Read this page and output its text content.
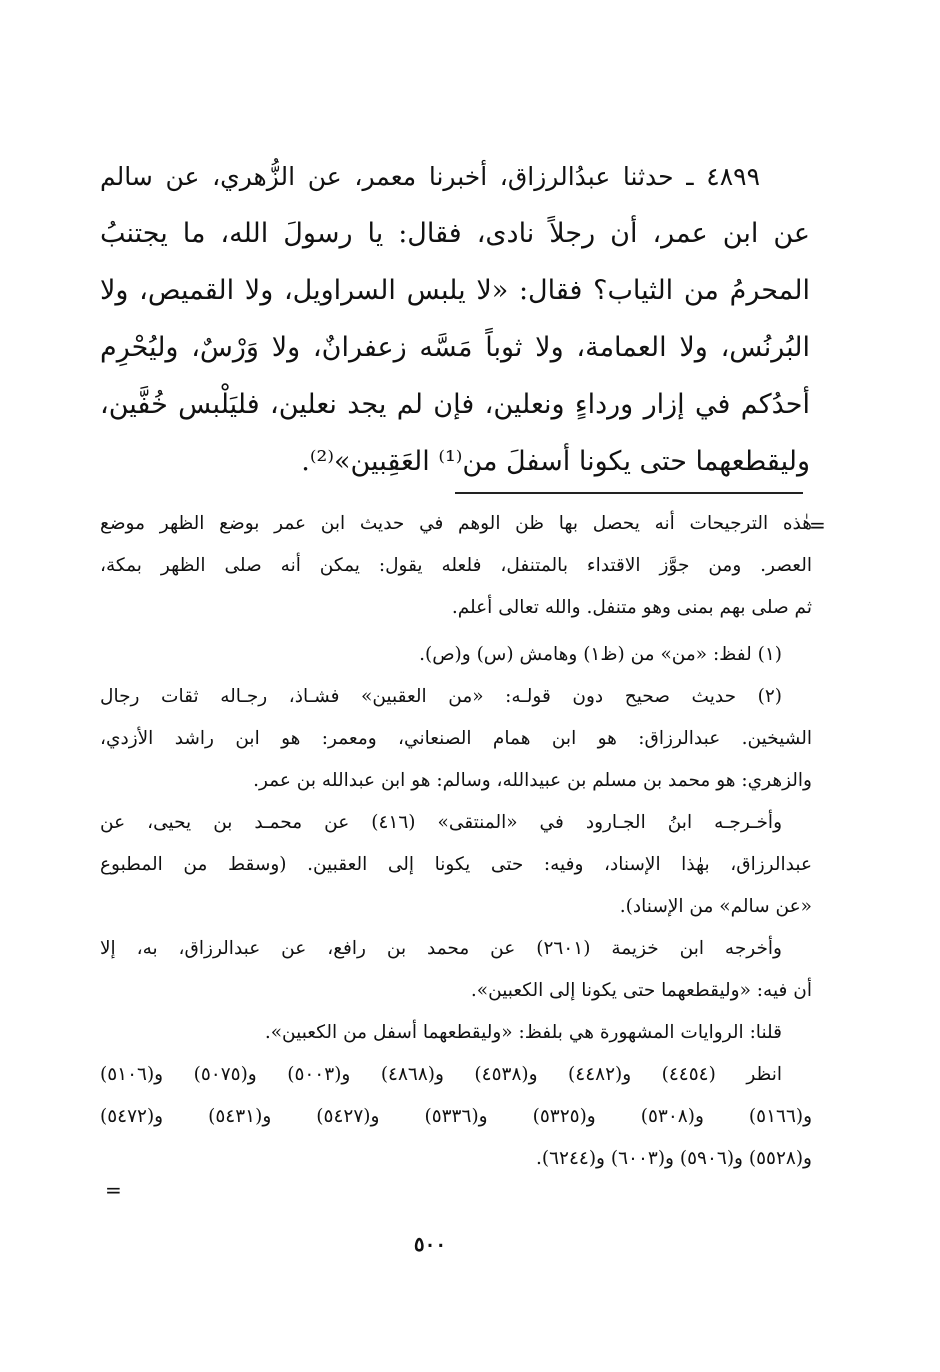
٤٨٩٩ ـ حدثنا عبدُالرزاق، أخبرنا معمر، عن الزُّهري، عن سالم
عن ابن عمر، أن رجلاً نادى، فقال: يا رسولَ الله، ما يجتنبُ
المحرمُ من الثياب؟ فقال: «لا يلبس السراويل، ولا القميص، ولا
البُرنُس، ولا العمامة، ولا ثوباً مَسَّه زعفرانٌ، ولا وَرْسٌ، وليُحْرِم
أحدُكم في إزار ورداءٍ ونعلين، فإن لم يجد نعلين، فليَلْبس خُفَّين،
وليقطعهما حتى يكونا أسفلَ من⁽¹⁾ العَقِبين»⁽²⁾.
=
هٰذه الترجيحات أنه يحصل بها ظن الوهم في حديث ابن عمر بوضع الظهر موضع
العصر. ومن جوَّز الاقتداء بالمتنفل، فلعله يقول: يمكن أنه صلى الظهر بمكة،
ثم صلى بهم بمنى وهو متنفل. والله تعالى أعلم.
(١) لفظ: «من» من (ظ١) وهامش (س) و(ص).
(٢) حديث صحيح دون قولـه: «من العقبين» فشـاذ، رجـاله ثقات رجال
الشيخين. عبدالرزاق: هو ابن همام الصنعاني، ومعمر: هو ابن راشد الأزدي،
والزهري: هو محمد بن مسلم بن عبيدالله، وسالم: هو ابن عبدالله بن عمر.
وأخـرجـه ابنُ الجـارود في «المنتقى» (٤١٦) عن محمـد بن يحيى، عن
عبدالرزاق، بهٰذا الإسناد، وفيه: حتى يكونا إلى العقبين. (وسقط من المطبوع
«عن سالم» من الإسناد).
وأخرجه ابن خزيمة (٢٦٠١) عن محمد بن رافع، عن عبدالرزاق، به، إلا
أن فيه: «وليقطعهما حتى يكونا إلى الكعبين».
قلنا: الروايات المشهورة هي بلفظ: «وليقطعهما أسفل من الكعبين».
انظر (٤٤٥٤) و(٤٤٨٢) و(٤٥٣٨) و(٤٨٦٨) و(٥٠٠٣) و(٥٠٧٥) و(٥١٠٦)
و(٥١٦٦) و(٥٣٠٨) و(٥٣٢٥) و(٥٣٣٦) و(٥٤٢٧) و(٥٤٣١) و(٥٤٧٢)
و(٥٥٢٨) و(٥٩٠٦) و(٦٠٠٣) و(٦٢٤٤).
=
٥٠٠
